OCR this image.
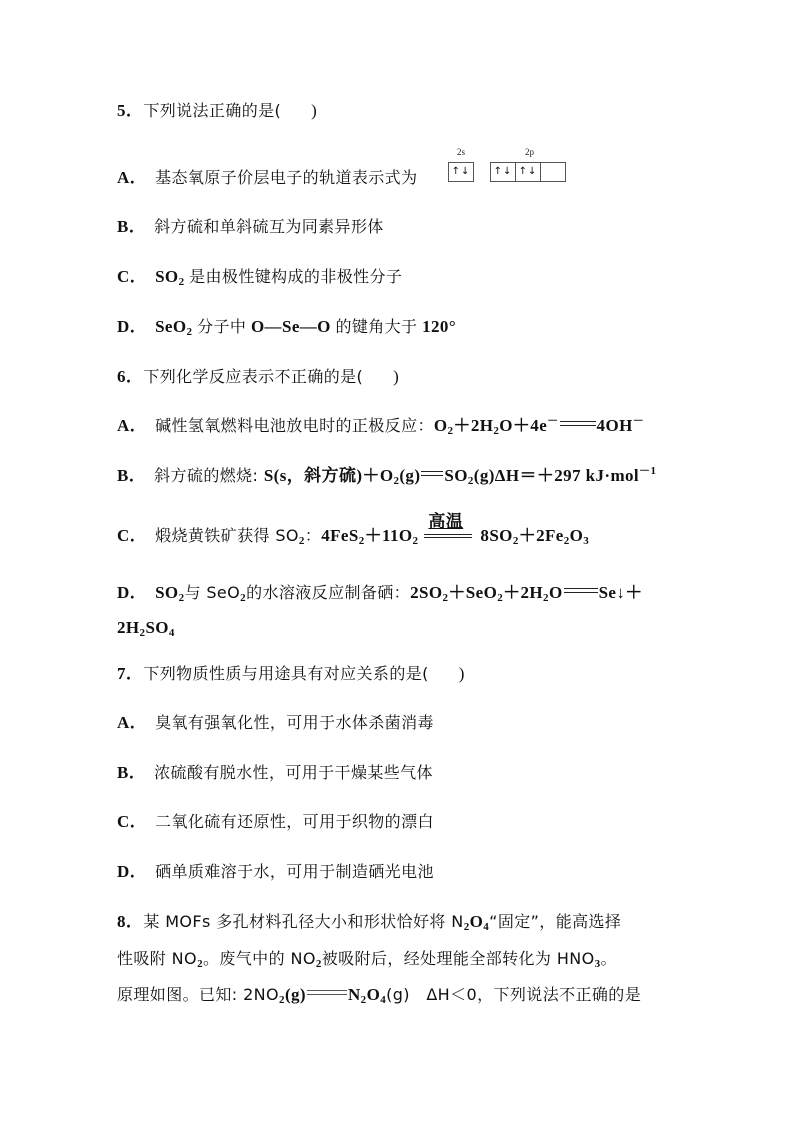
5．下列说法正确的是( )
A． 基态氧原子价层电子的轨道表示式为
2s	2p
↑↓	↑↓ ↑↓
B． 斜方硫和单斜硫互为同素异形体
C． $SO_2$ 是由极性键构成的非极性分子
D． SeO$_2$ 分子中 O—Se—O 的键角大于 120°
6．下列化学反应表示不正确的是( )
A． 碱性氢氧燃料电池放电时的正极反应：$O_2+2H_2O+4e^-$ 4OH－
B． 斜方硫的燃烧: S(s，斜方硫)$+O_2(g)$ $SO_2(g)\Delta H=+297$ kJ·mol$^{-1}$
C． 煅烧黄铁矿获得 $SO_2$：$4FeS_2+11O_2$
高温
$8SO_2+2Fe_2O_3$
D． $SO_2$与 SeO$_2$的水溶液反应制备硒：$2SO_2+SeO_2+2H_2O$ Se↓＋
$2H_2SO_4$
7．下列物质性质与用途具有对应关系的是( )
A． 臭氧有强氧化性，可用于水体杀菌消毒
B． 浓硫酸有脱水性，可用于干燥某些气体
C． 二氧化硫有还原性，可用于织物的漂白
D． 硒单质难溶于水，可用于制造硒光电池
8．某 MOFs 多孔材料孔径大小和形状恰好将 $N_2O_4“$固定”，能高选择
性吸附 $NO_2$。废气中的 $NO_2$被吸附后，经处理能全部转化为 $HNO_3$。
原理如图。已知: $2NO_2(g)$ $N_2O_4(g)$　ΔH＜0，下列说法不正确的是
